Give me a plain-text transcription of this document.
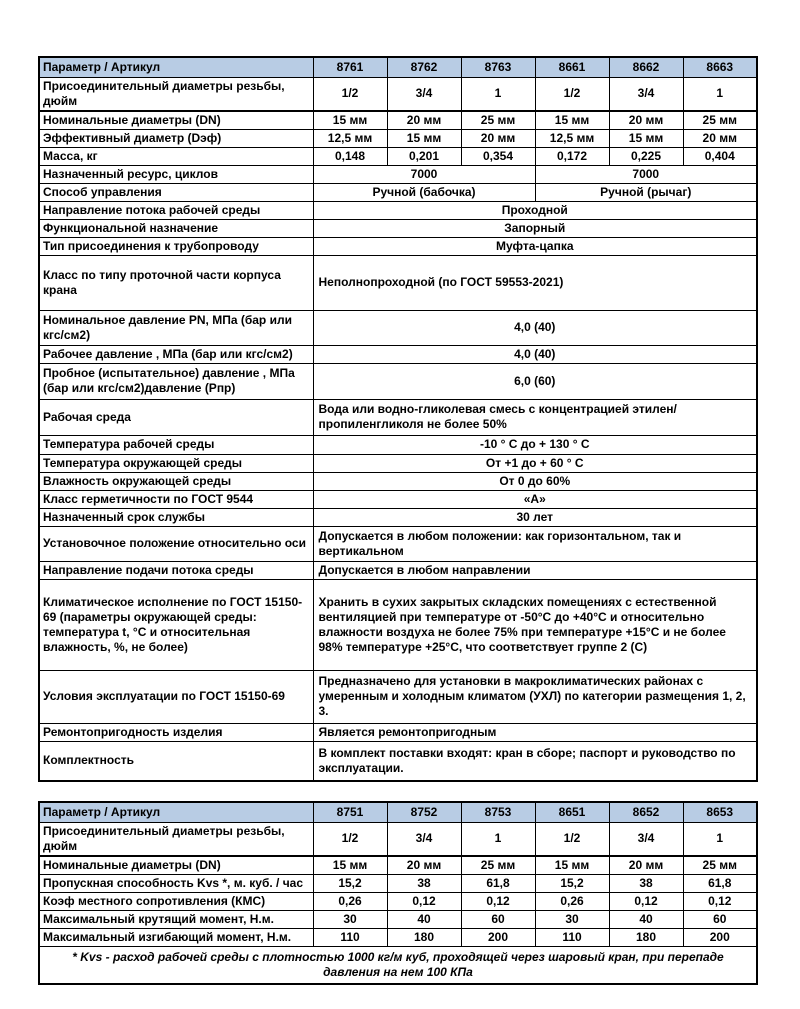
Параметр / Артикул	8761	8762	8763	8661	8662	8663
Присоединительный диаметры резьбы, дюйм	1/2	3/4	1	1/2	3/4	1
Номинальные диаметры (DN)	15 мм	20 мм	25 мм	15 мм	20 мм	25 мм
Эффективный диаметр (Dэф)	12,5 мм	15 мм	20 мм	12,5 мм	15 мм	20 мм
Масса, кг	0,148	0,201	0,354	0,172	0,225	0,404
Назначенный ресурс, циклов	7000			7000		
Способ управления	Ручной (бабочка)			Ручной (рычаг)		
Направление потока рабочей среды	Проходной					
Функциональной назначение	Запорный					
Тип присоединения к трубопроводу	Муфта-цапка					
Класс по типу проточной части корпуса крана	Неполнопроходной (по ГОСТ 59553-2021)					
Номинальное давление PN, МПа (бар или кгс/см2)	4,0 (40)					
Рабочее давление , МПа (бар или кгс/см2)	4,0 (40)					
Пробное (испытательное) давление , МПа (бар или кгс/см2)давление (Pпр)	6,0 (60)					
Рабочая среда	Вода или водно-гликолевая смесь с концентрацией этилен/пропиленгликоля не более 50%					
Температура рабочей среды	-10 ° С до + 130 ° С					
Температура окружающей среды	От +1 до + 60 ° С					
Влажность окружающей среды	От 0 до 60%					
Класс герметичности по ГОСТ 9544	«А»					
Назначенный срок службы	30 лет					
Установочное положение относительно оси	Допускается в любом положении: как горизонтальном, так и вертикальном					
Направление подачи потока среды	Допускается в любом направлении					
Климатическое исполнение по ГОСТ 15150-69 (параметры окружающей среды: температура t, °С и относительная влажность, %, не более)	Хранить в сухих закрытых складских помещениях с естественной вентиляцией при температуре от -50°С до +40°С и относительно влажности воздуха не более 75% при температуре +15°С и не более 98% температуре +25°С, что соответствует группе 2 (С)					
Условия эксплуатации по ГОСТ 15150-69	Предназначено для установки в макроклиматических районах с умеренным и холодным климатом (УХЛ) по категории размещения 1, 2, 3.					
Ремонтопригодность изделия	Является ремонтопригодным					
Комплектность	В комплект поставки входят: кран в сборе; паспорт и руководство по эксплуатации.					
Параметр / Артикул	8751	8752	8753	8651	8652	8653
Присоединительный диаметры резьбы, дюйм	1/2	3/4	1	1/2	3/4	1
Номинальные диаметры (DN)	15 мм	20 мм	25 мм	15 мм	20 мм	25 мм
Пропускная способность Kvs *, м. куб. / час	15,2	38	61,8	15,2	38	61,8
Коэф местного сопротивления (КМС)	0,26	0,12	0,12	0,26	0,12	0,12
Максимальный крутящий момент, Н.м.	30	40	60	30	40	60
Максимальный изгибающий момент, Н.м.	110	180	200	110	180	200
* Kvs - расход рабочей среды с плотностью 1000 кг/м куб, проходящей через шаровый кран, при перепаде давления на нем 100 КПа						
